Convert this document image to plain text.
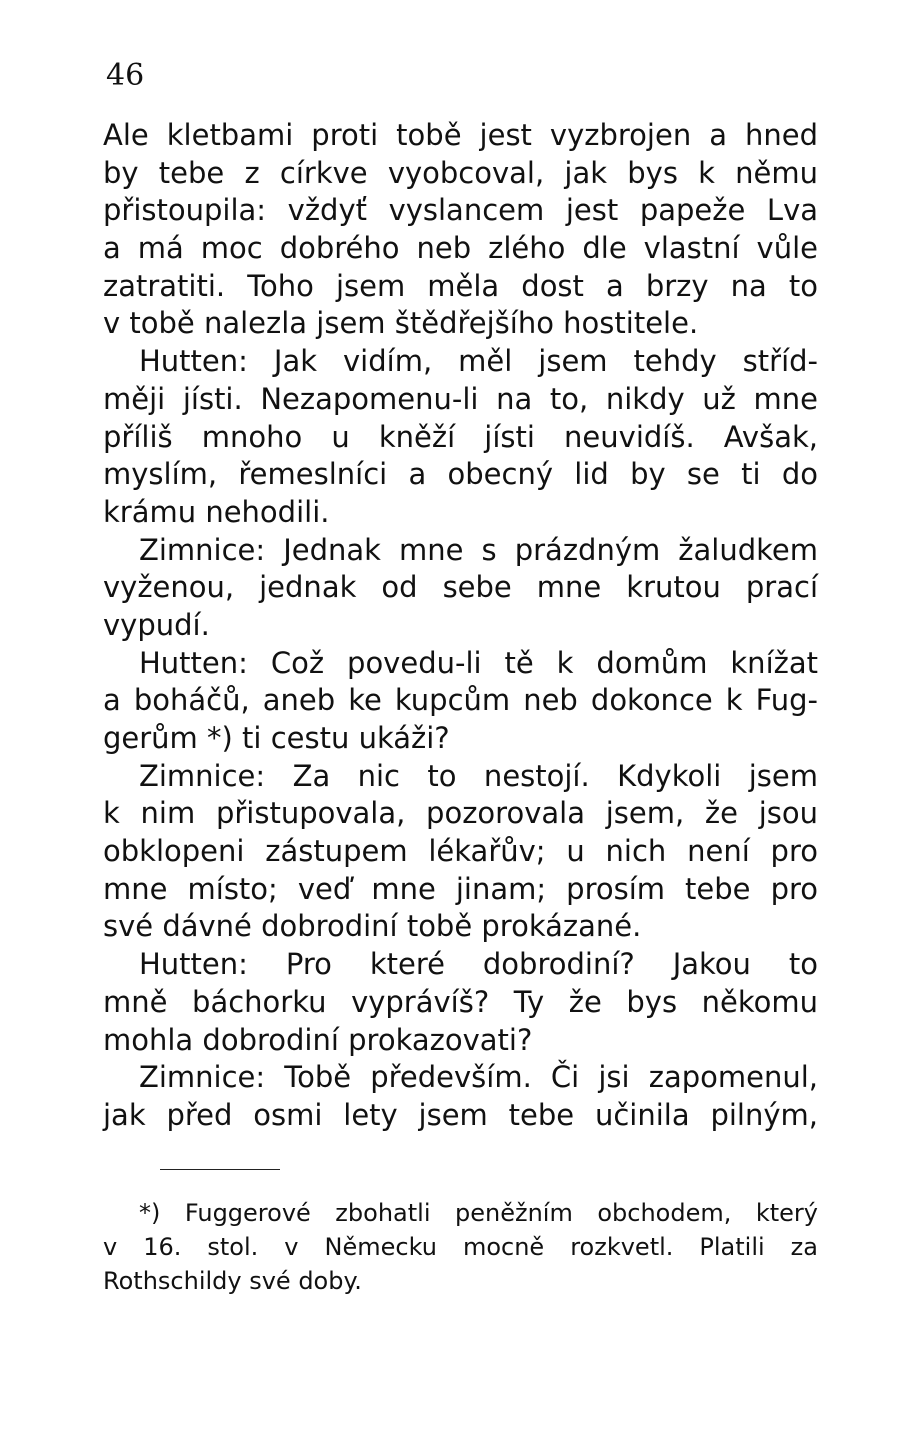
46
Ale kletbami proti tobě jest vyzbrojen a hned
by tebe z církve vyobcoval, jak bys k němu
přistoupila: vždyť vyslancem jest papeže Lva
a má moc dobrého neb zlého dle vlastní vůle
zatratiti. Toho jsem měla dost a brzy na to
v tobě nalezla jsem štědřejšího hostitele.
Hutten: Jak vidím, měl jsem tehdy stříd-
měji jísti. Nezapomenu-li na to, nikdy už mne
příliš mnoho u kněží jísti neuvidíš. Avšak,
myslím, řemeslníci a obecný lid by se ti do
krámu nehodili.
Zimnice: Jednak mne s prázdným žaludkem
vyženou, jednak od sebe mne krutou prací
vypudí.
Hutten: Což povedu-li tě k domům knížat
a boháčů, aneb ke kupcům neb dokonce k Fug-
gerům *) ti cestu ukáži?
Zimnice: Za nic to nestojí. Kdykoli jsem
k nim přistupovala, pozorovala jsem, že jsou
obklopeni zástupem lékařův; u nich není pro
mne místo; veď mne jinam; prosím tebe pro
své dávné dobrodiní tobě prokázané.
Hutten: Pro které dobrodiní? Jakou to
mně báchorku vyprávíš? Ty že bys někomu
mohla dobrodiní prokazovati?
Zimnice: Tobě především. Či jsi zapomenul,
jak před osmi lety jsem tebe učinila pilným,
*) Fuggerové zbohatli peněžním obchodem, který
v 16. stol. v Německu mocně rozkvetl. Platili za
Rothschildy své doby.
